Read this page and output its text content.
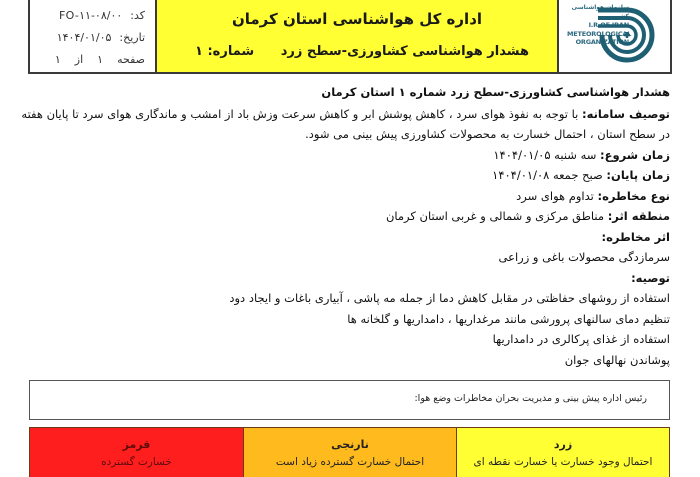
کد:
FO-۱۱-۰۸/۰۰
تاریخ:
۱۴۰۴/۰۱/۰۵
صفحه
۱
از
۱
اداره کل هواشناسی استان کرمان
هشدار هواشناسی کشاورزی-سطح زرد
شماره: ۱
سازمان هواشناسی کشور
I.R.OF IRAN
METEOROLOGICAL
ORGANIZATION
هشدار هواشناسی کشاورزی-سطح زرد شماره ۱ استان کرمان
توصیف سامانه: با توجه به نفوذ هوای سرد ، کاهش پوشش ابر و کاهش سرعت وزش باد از امشب و ماندگاری هوای سرد تا پایان هفته
در سطح استان ، احتمال خسارت به محصولات کشاورزی پیش بینی می شود.
زمان شروع: سه شنبه ۱۴۰۴/۰۱/۰۵
زمان پایان: صبح جمعه ۱۴۰۴/۰۱/۰۸
نوع مخاطره: تداوم هوای سرد
منطقه اثر: مناطق مرکزی و شمالی و غربی استان کرمان
اثر مخاطره:
سرمازدگی محصولات باغی و زراعی
توصیه:
استفاده از روشهای حفاظتی در مقابل کاهش دما از جمله مه پاشی ، آبیاری باغات و ایجاد دود
تنظیم دمای سالنهای پرورشی مانند مرغداریها ، دامداریها و گلخانه ها
استفاده از غذای پرکالری در دامداریها
پوشاندن نهالهای جوان
رئیس اداره پیش بینی و مدیریت بحران مخاطرات وضع هوا:
قرمز
خسارت گسترده
نارنجی
احتمال خسارت گسترده زیاد است
زرد
احتمال وجود خسارت یا خسارت نقطه ای
